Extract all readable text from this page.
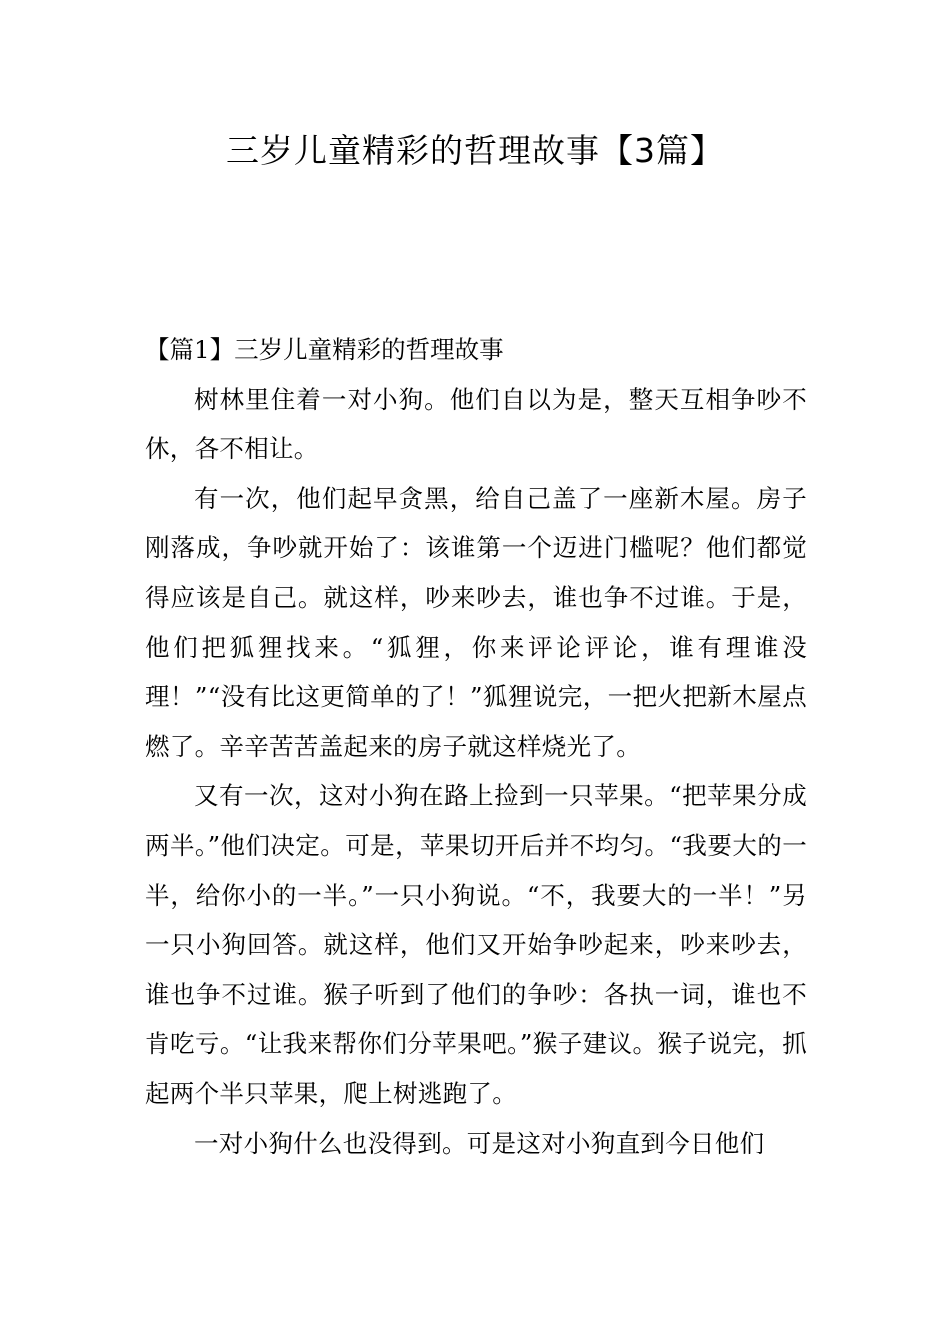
三岁儿童精彩的哲理故事【3篇】

【篇1】三岁儿童精彩的哲理故事

树林里住着一对小狗。他们自以为是，整天互相争吵不休，各不相让。

有一次，他们起早贪黑，给自己盖了一座新木屋。房子刚落成，争吵就开始了：该谁第一个迈进门槛呢？他们都觉得应该是自己。就这样，吵来吵去，谁也争不过谁。于是，他们把狐狸找来。“狐狸，你来评论评论，谁有理谁没理！”“没有比这更简单的了！”狐狸说完，一把火把新木屋点燃了。辛辛苦苦盖起来的房子就这样烧光了。

又有一次，这对小狗在路上捡到一只苹果。“把苹果分成两半。”他们决定。可是，苹果切开后并不均匀。“我要大的一半，给你小的一半。”一只小狗说。“不，我要大的一半！”另一只小狗回答。就这样，他们又开始争吵起来，吵来吵去，谁也争不过谁。猴子听到了他们的争吵：各执一词，谁也不肯吃亏。“让我来帮你们分苹果吧。”猴子建议。猴子说完，抓起两个半只苹果，爬上树逃跑了。

一对小狗什么也没得到。可是这对小狗直到今日他们
